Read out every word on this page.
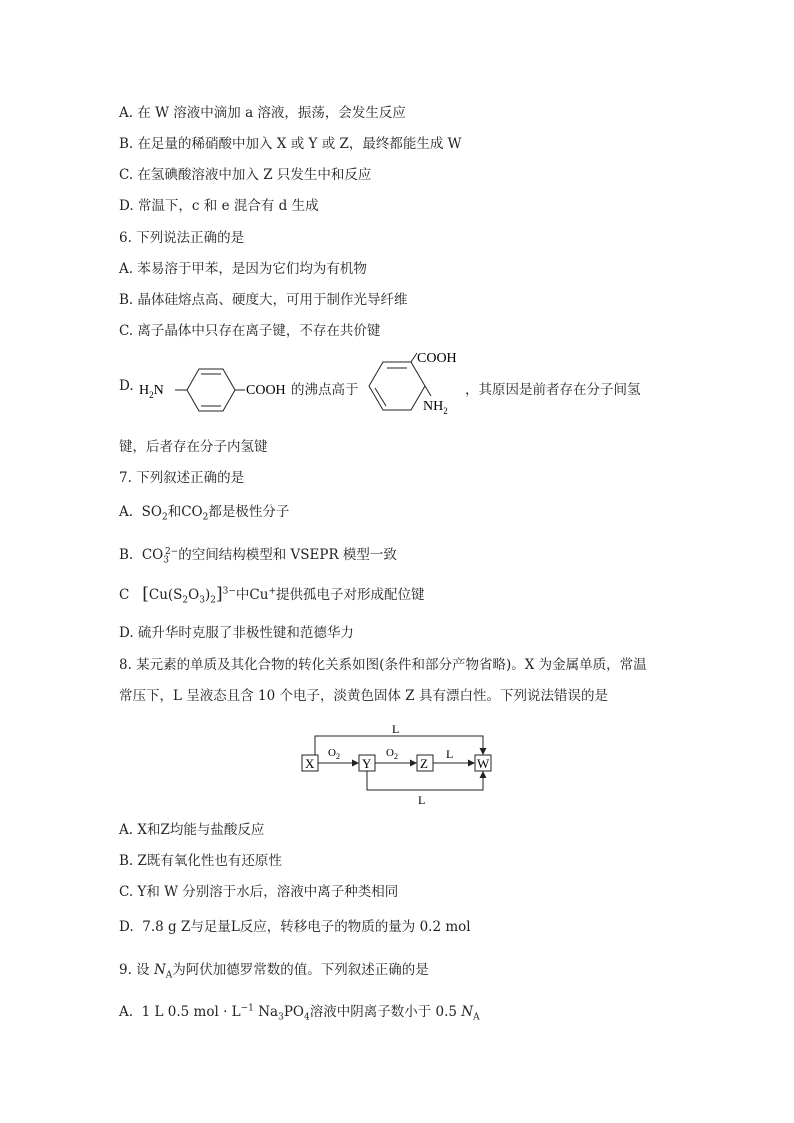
A. 在 W 溶液中滴加 a 溶液，振荡，会发生反应
B. 在足量的稀硝酸中加入 X 或 Y 或 Z，最终都能生成 W
C. 在氢碘酸溶液中加入 Z 只发生中和反应
D. 常温下，c 和 e 混合有 d 生成
6. 下列说法正确的是
A. 苯易溶于甲苯，是因为它们均为有机物
B. 晶体硅熔点高、硬度大，可用于制作光导纤维
C. 离子晶体中只存在离子键，不存在共价键
D. $H_2N$	COOH 的沸点高于
COOH
$NH_2$
，其原因是前者存在分子间氢
键，后者存在分子内氢键
7. 下列叙述正确的是
A. $SO_2$和$CO_2$都是极性分子
B. $CO_3^{2-}$的空间结构模型和 VSEPR 模型一致
C $[Cu(S_2O_3)_2]^{3-}$中Cu+提供孤电子对形成配位键
D. 硫升华时克服了非极性键和范德华力
8. 某元素的单质及其化合物的转化关系如图(条件和部分产物省略)。X 为金属单质，常温
常压下，L 呈液态且含 10 个电子，淡黄色固体 Z 具有漂白性。下列说法错误的是
L
X	Y	Z	W
$O_2$	$O_2$	L
L
A. X和Z均能与盐酸反应
B. Z既有氧化性也有还原性
C. Y和 W 分别溶于水后，溶液中离子种类相同
D. 7.8 g Z与足量L反应，转移电子的物质的量为 0.2 mol
9. 设 $N_A$为阿伏加德罗常数的值。下列叙述正确的是
A. 1 L 0.5 mol · $L^{-1}$ $Na_3PO_4$溶液中阴离子数小于 0.5 $N_A$
